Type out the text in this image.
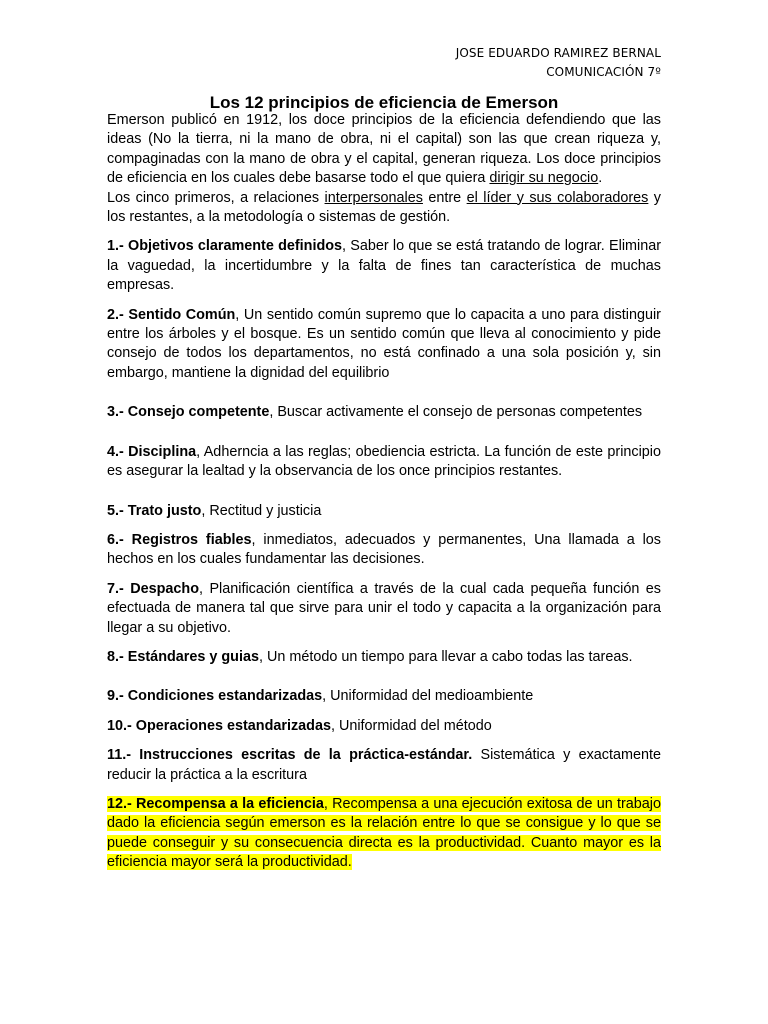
JOSE EDUARDO RAMIREZ BERNAL
COMUNICACIÓN 7º
Los 12 principios de eficiencia de Emerson

Emerson publicó en 1912, los doce principios de la eficiencia defendiendo que las ideas (No la tierra, ni la mano de obra, ni el capital) son las que crean riqueza y, compaginadas con la mano de obra y el capital, generan riqueza. Los doce principios de eficiencia en los cuales debe basarse todo el que quiera dirigir su negocio.
Los cinco primeros, a relaciones interpersonales entre el líder y sus colaboradores y los restantes, a la metodología o sistemas de gestión.

1.- Objetivos claramente definidos, Saber lo que se está tratando de lograr. Eliminar la vaguedad, la incertidumbre y la falta de fines tan característica de muchas empresas.

2.- Sentido Común, Un sentido común supremo que lo capacita a uno para distinguir entre los árboles y el bosque. Es un sentido común que lleva al conocimiento y pide consejo de todos los departamentos, no está confinado a una sola posición y, sin embargo, mantiene la dignidad del equilibrio

3.- Consejo competente, Buscar activamente el consejo de personas competentes

4.- Disciplina, Adherncia a las reglas; obediencia estricta. La función de este principio es asegurar la lealtad y la observancia de los once principios restantes.

5.- Trato justo, Rectitud y justicia

6.- Registros fiables, inmediatos, adecuados y permanentes, Una llamada a los hechos en los cuales fundamentar las decisiones.

7.- Despacho, Planificación científica a través de la cual cada pequeña función es efectuada de manera tal que sirve para unir el todo y capacita a la organización para llegar a su objetivo.

8.- Estándares y guias, Un método un tiempo para llevar a cabo todas las tareas.

9.- Condiciones estandarizadas, Uniformidad del medioambiente

10.- Operaciones estandarizadas, Uniformidad del método

11.- Instrucciones escritas de la práctica-estándar. Sistemática y exactamente reducir la práctica a la escritura

12.- Recompensa a la eficiencia, Recompensa a una ejecución exitosa de un trabajo dado la eficiencia según emerson es la relación entre lo que se consigue y lo que se puede conseguir y su consecuencia directa es la productividad. Cuanto mayor es la eficiencia mayor será la productividad.
